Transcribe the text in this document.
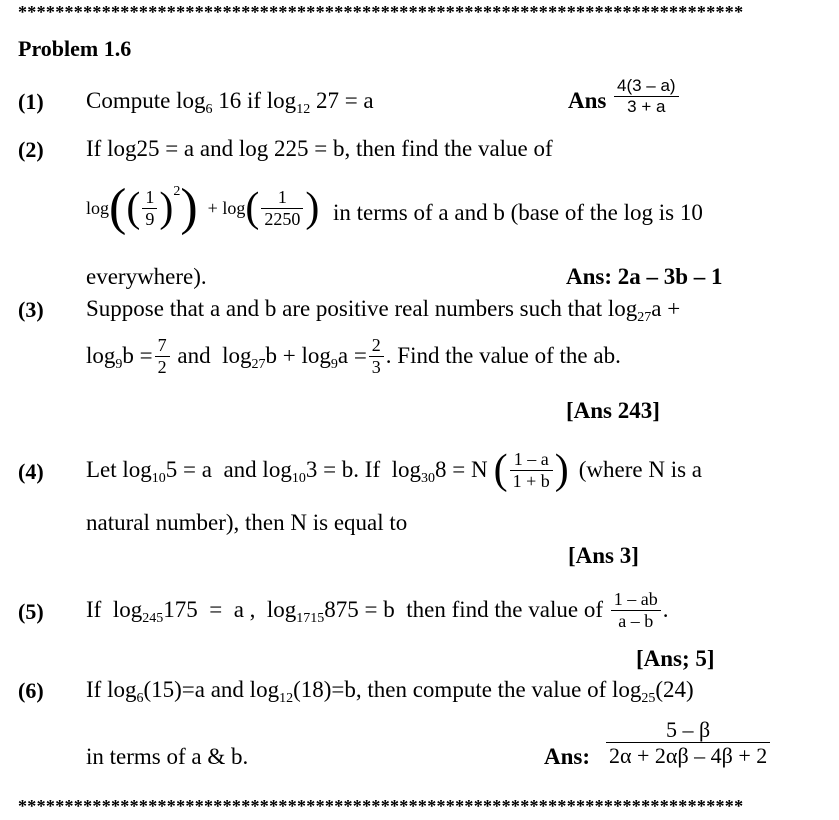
******************************************************************************
Problem 1.6
(1) Compute $\log_6 16$ if $\log_{12} 27 = a$	Ans $\frac{4(3 - a)}{3 + a}$
(2) If log25 = a and log 225 = b, then find the value of
log ( ( $\frac{1}{9} )^2$ ) + log ( $\frac{1}{2250}$ ) in terms of a and b (base of the log is 10
everywhere).	Ans: 2a – 3b – 1
(3) Suppose that a and b are positive real numbers such that $\log_{27}a$ +
$\log_9b = \frac{7}{2}$ and  $\log_{27}b + \log_9a = \frac{2}{3}$ . Find the value of the ab.
[Ans 243]
(4) Let $\log_{10}5 = a$  and $\log_{10}3 = b$. If  $\log_{30}8 = N$ ( $\frac{1 - a}{1 + b}$ ) (where N is a
natural number), then N is equal to
[Ans 3]
(5) If  $\log_{245}175 = a$ ,  $\log_{1715}875 = b$  then find the value of $\frac{1 - ab}{a - b}$ .
[Ans; 5]
(6) If $\log_6(15)=a$ and $\log_{12}(18)=b$, then compute the value of $\log_{25}(24)$
in terms of a & b.	Ans: $\frac{5 - \beta}{2\alpha + 2\alpha\beta - 4\beta + 2}$
******************************************************************************
